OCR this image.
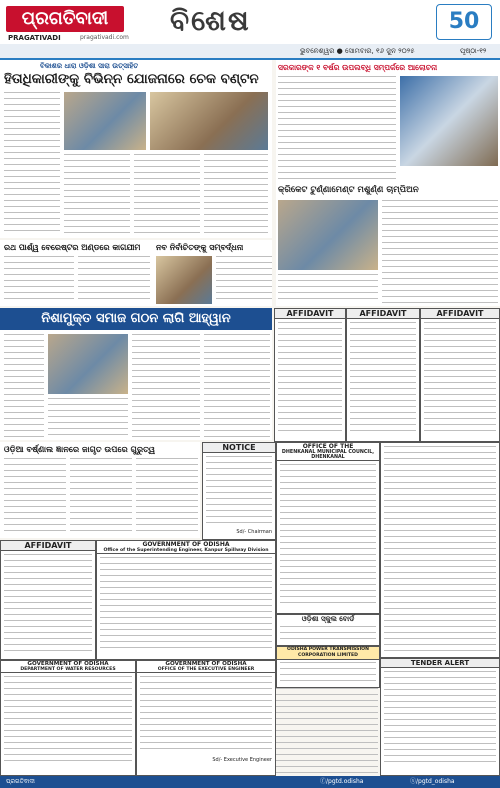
ପ୍ରଗତିବାଦୀ
PRAGATIVADI	pragativadi.com
ବିଶେଷ	50
ଭୁବନେଶ୍ୱର ● ସୋମବାର, ୧୬ ଜୁନ ୨୦୨୫	ପୃଷ୍ଠା-୧୨
ବିକାଶର ଧାରା ଓଡ଼ିଶା ସାରା ଉତ୍ସାହିତ
ହିତାଧିକାରୀଙ୍କୁ ବିଭିନ୍ନ ଯୋଜନାରେ ଚେକ ବଣ୍ଟନ
ସରକାରଙ୍କ ୧ ବର୍ଷର ଉପଲବ୍ଧି ସମ୍ପର୍କରେ ଆଲୋଚନା
କ୍ରିକେଟ ଟୁର୍ଣ୍ଣାମେଣ୍ଟ ମଶୁର୍ଣ୍ଣ ଚାମ୍ପିଅନ
ରଥ ପାର୍ଶ୍ୱ ବେରେଷ୍ଟର ଅଣ୍ଡରେ କାଗଯୀମ ନବ ନିର୍ବାଚିତଙ୍କୁ ସମ୍ବର୍ଦ୍ଧନା
ନିଶାମୁକ୍ତ ସମାଜ ଗଠନ ଲାଗି ଆହ୍ୱାନ	AFFIDAVIT	AFFIDAVIT	AFFIDAVIT
ଓଡ଼ିଆ ବର୍ଷ୍ଣାଲ ଜ୍ଞାନରେ ଜାଗୃତ ଉପରେ ଗୁରୁତ୍ୱ	NOTICE
Sd/- Chairman
OFFICE OF THE
DHENKANAL MUNICIPAL COUNCIL, DHENKANAL
ଓଡ଼ିଶା ସ୍କୁଲ ବୋର୍ଡ
ODISHA POWER TRANSMISSION CORPORATION LIMITED
TENDER ALERT
GOVERNMENT OF ODISHA
Office of the Superintending Engineer, Kanpur Spillway Division
AFFIDAVIT
GOVERNMENT OF ODISHA
DEPARTMENT OF WATER RESOURCES
GOVERNMENT OF ODISHA
OFFICE OF THE EXECUTIVE ENGINEER
Sd/- Executive Engineer
ପ୍ରଗତିବାଦୀ	ⓕ/pgtd.odisha	ⓧ/pgtd_odisha
